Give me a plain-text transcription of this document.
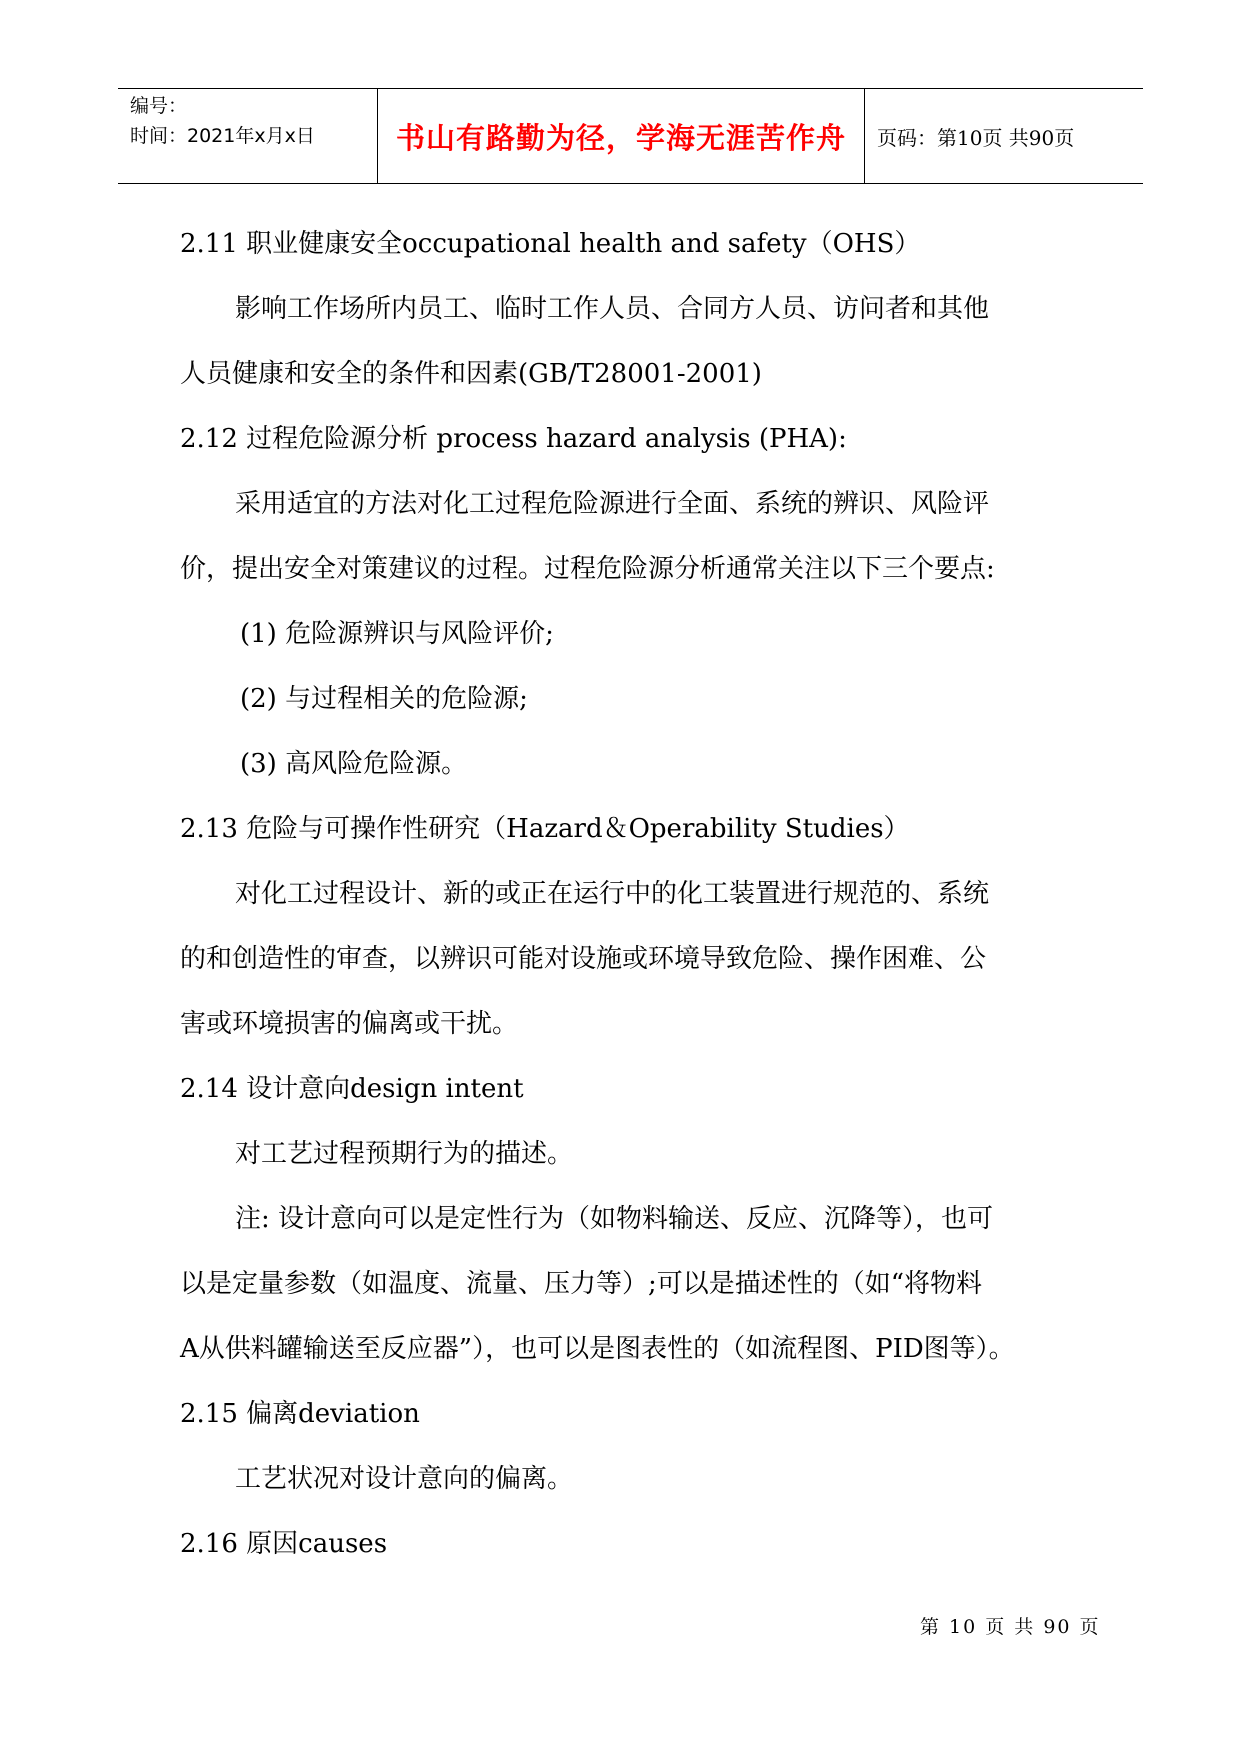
编号：
时间：2021年x月x日	书山有路勤为径，学海无涯苦作舟	页码：第10页 共90页
2.11 职业健康安全occupational health and safety（OHS）
影响工作场所内员工、临时工作人员、合同方人员、访问者和其他
人员健康和安全的条件和因素(GB/T28001-2001)
2.12 过程危险源分析 process hazard analysis (PHA):
采用适宜的方法对化工过程危险源进行全面、系统的辨识、风险评
价，提出安全对策建议的过程。过程危险源分析通常关注以下三个要点:
(1) 危险源辨识与风险评价;
(2) 与过程相关的危险源;
(3) 高风险危险源。
2.13 危险与可操作性研究（Hazard＆Operability Studies）
对化工过程设计、新的或正在运行中的化工装置进行规范的、系统
的和创造性的审查，以辨识可能对设施或环境导致危险、操作困难、公
害或环境损害的偏离或干扰。
2.14 设计意向design intent
对工艺过程预期行为的描述。
注: 设计意向可以是定性行为（如物料输送、反应、沉降等），也可
以是定量参数（如温度、流量、压力等）;可以是描述性的（如“将物料
A从供料罐输送至反应器”），也可以是图表性的（如流程图、PID图等）。
2.15 偏离deviation
工艺状况对设计意向的偏离。
2.16 原因causes
第 10 页 共 90 页
